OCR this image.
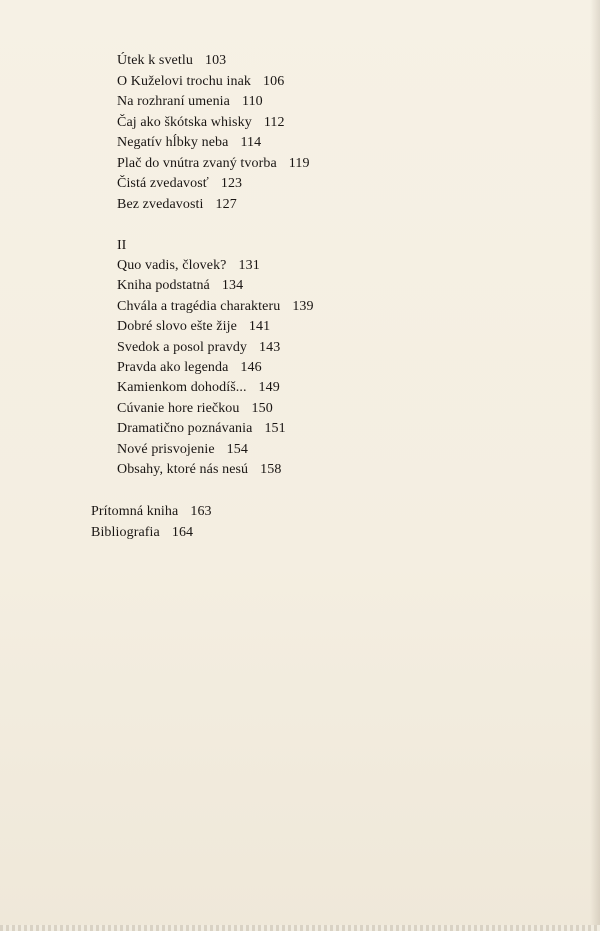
Útek k svetlu 103
O Kuželovi trochu inak 106
Na rozhraní umenia 110
Čaj ako škótska whisky 112
Negatív hĺbky neba 114
Plač do vnútra zvaný tvorba 119
Čistá zvedavosť 123
Bez zvedavosti 127
II
Quo vadis, človek? 131
Kniha podstatná 134
Chvála a tragédia charakteru 139
Dobré slovo ešte žije 141
Svedok a posol pravdy 143
Pravda ako legenda 146
Kamienkom dohodíš... 149
Cúvanie hore riečkou 150
Dramatično poznávania 151
Nové prisvojenie 154
Obsahy, ktoré nás nesú 158
Prítomná kniha 163
Bibliografia 164
